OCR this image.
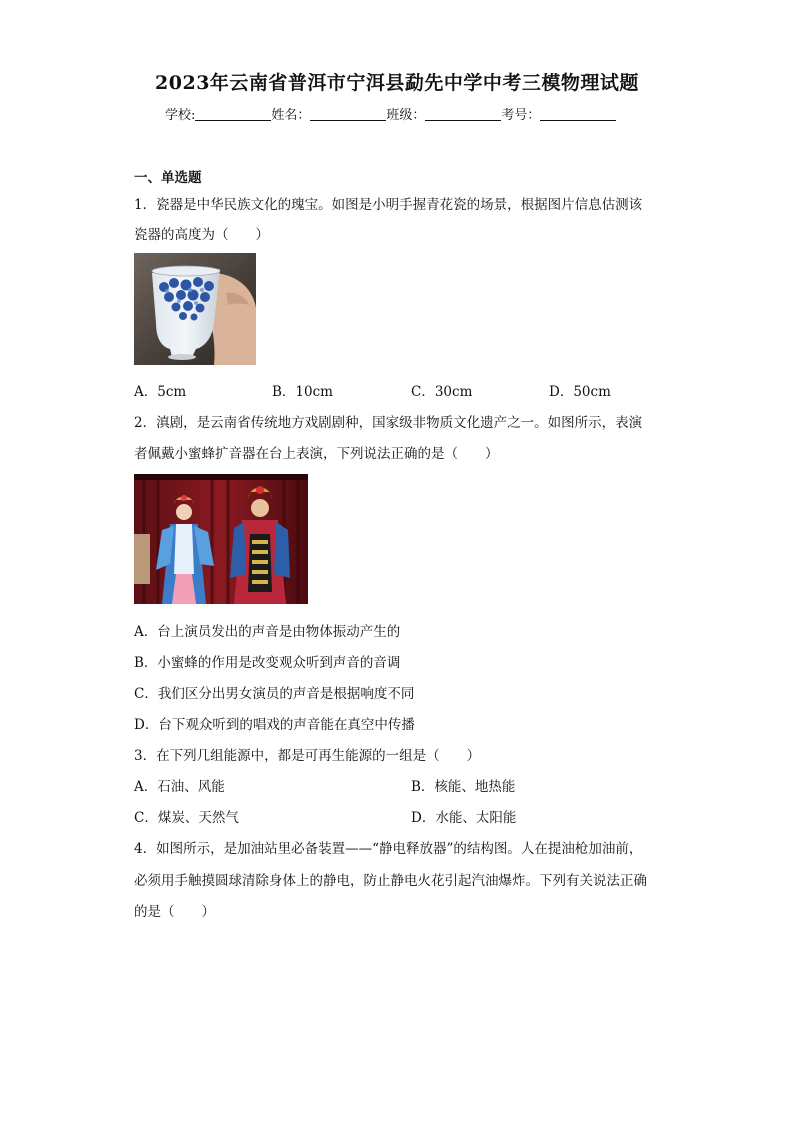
2023年云南省普洱市宁洱县勐先中学中考三模物理试题
学校:	姓名：	班级：	考号：
一、单选题
1．瓷器是中华民族文化的瑰宝。如图是小明手握青花瓷的场景，根据图片信息估测该
瓷器的高度为（　　）
A．5cm	B．10cm	C．30cm	D．50cm
2．滇剧，是云南省传统地方戏剧剧种，国家级非物质文化遗产之一。如图所示，表演
者佩戴小蜜蜂扩音器在台上表演，下列说法正确的是（　　）
A．台上演员发出的声音是由物体振动产生的
B．小蜜蜂的作用是改变观众听到声音的音调
C．我们区分出男女演员的声音是根据响度不同
D．台下观众听到的唱戏的声音能在真空中传播
3．在下列几组能源中，都是可再生能源的一组是（　　）
A．石油、风能	B．核能、地热能
C．煤炭、天然气	D．水能、太阳能
4．如图所示，是加油站里必备装置——“静电释放器”的结构图。人在提油枪加油前，
必须用手触摸圆球清除身体上的静电，防止静电火花引起汽油爆炸。下列有关说法正确
的是（　　）
